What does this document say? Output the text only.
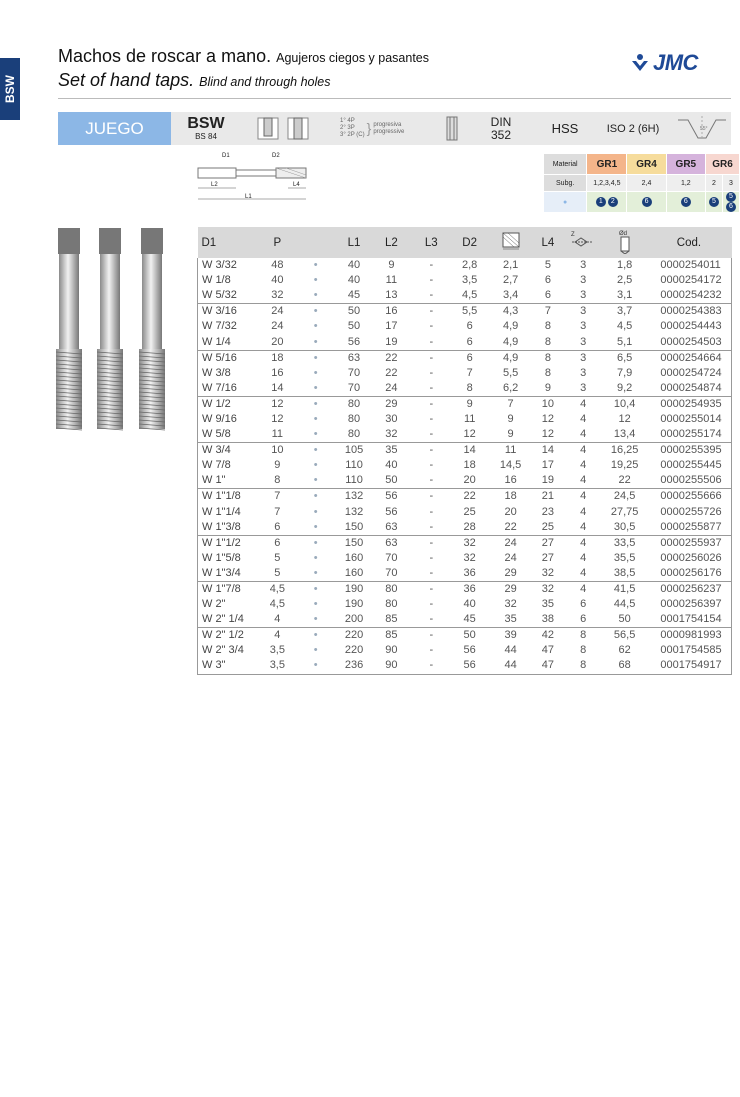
BSW
Machos de roscar a mano. Agujeros ciegos y pasantes
Set of hand taps. Blind and through holes
JMC
JUEGO	BSW
BS 84
1° 4P
2° 3P
3° 2P (C) } progresiva
progressive
DIN
352	HSS	ISO 2 (6H)	55°
D1	D2
L2	L4
L1
Material	GR1	GR4	GR5	GR6	
Subg.	1,2,3,4,5	2,4	1,2	2	3
●	1 2	6	6	5	56
D1	P		L1	L2	L3	D2		L4	Z	Ød	Cod.
W 3/32	48	•	40	9	-	2,8	2,1	5	3	1,8	0000254011
W 1/8	40	•	40	11	-	3,5	2,7	6	3	2,5	0000254172
W 5/32	32	•	45	13	-	4,5	3,4	6	3	3,1	0000254232
W 3/16	24	•	50	16	-	5,5	4,3	7	3	3,7	0000254383
W 7/32	24	•	50	17	-	6	4,9	8	3	4,5	0000254443
W 1/4	20	•	56	19	-	6	4,9	8	3	5,1	0000254503
W 5/16	18	•	63	22	-	6	4,9	8	3	6,5	0000254664
W 3/8	16	•	70	22	-	7	5,5	8	3	7,9	0000254724
W 7/16	14	•	70	24	-	8	6,2	9	3	9,2	0000254874
W 1/2	12	•	80	29	-	9	7	10	4	10,4	0000254935
W 9/16	12	•	80	30	-	11	9	12	4	12	0000255014
W 5/8	11	•	80	32	-	12	9	12	4	13,4	0000255174
W 3/4	10	•	105	35	-	14	11	14	4	16,25	0000255395
W 7/8	9	•	110	40	-	18	14,5	17	4	19,25	0000255445
W 1"	8	•	110	50	-	20	16	19	4	22	0000255506
W 1"1/8	7	•	132	56	-	22	18	21	4	24,5	0000255666
W 1"1/4	7	•	132	56	-	25	20	23	4	27,75	0000255726
W 1"3/8	6	•	150	63	-	28	22	25	4	30,5	0000255877
W 1"1/2	6	•	150	63	-	32	24	27	4	33,5	0000255937
W 1"5/8	5	•	160	70	-	32	24	27	4	35,5	0000256026
W 1"3/4	5	•	160	70	-	36	29	32	4	38,5	0000256176
W 1"7/8	4,5	•	190	80	-	36	29	32	4	41,5	0000256237
W 2"	4,5	•	190	80	-	40	32	35	6	44,5	0000256397
W 2" 1/4	4	•	200	85	-	45	35	38	6	50	0001754154
W 2" 1/2	4	•	220	85	-	50	39	42	8	56,5	0000981993
W 2" 3/4	3,5	•	220	90	-	56	44	47	8	62	0001754585
W 3"	3,5	•	236	90	-	56	44	47	8	68	0001754917
